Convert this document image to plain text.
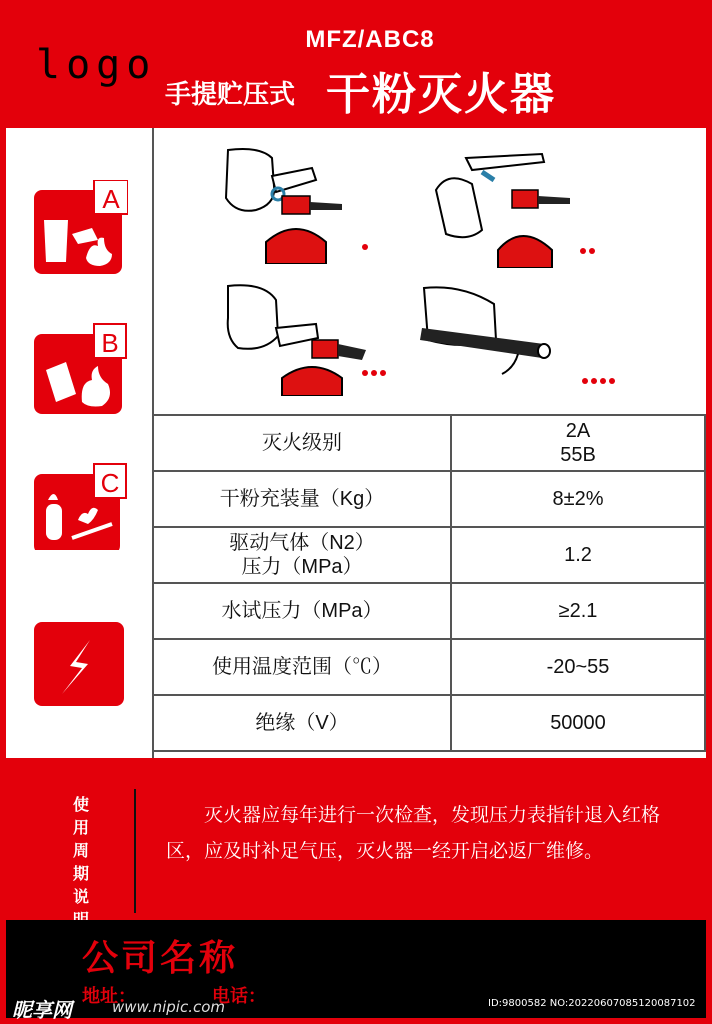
logo
MFZ/ABC8
手提贮压式 干粉灭火器
A
B
C
灭火级别	2A
55B
干粉充装量（Kg）	8±2%
驱动气体（N2）
压力（MPa）	1.2
水试压力（MPa）	≥2.1
使用温度范围（℃）	-20~55
绝缘（V）	50000
使
用
周
期
说
灭火器应每年进行一次检查，发现压力表指针退入红格区，应及时补足气压，灭火器一经开启必返厂维修。
公司名称
地址：	电话：
昵享网	www.nipic.com	ID:9800582 NO:20220607085120087102
